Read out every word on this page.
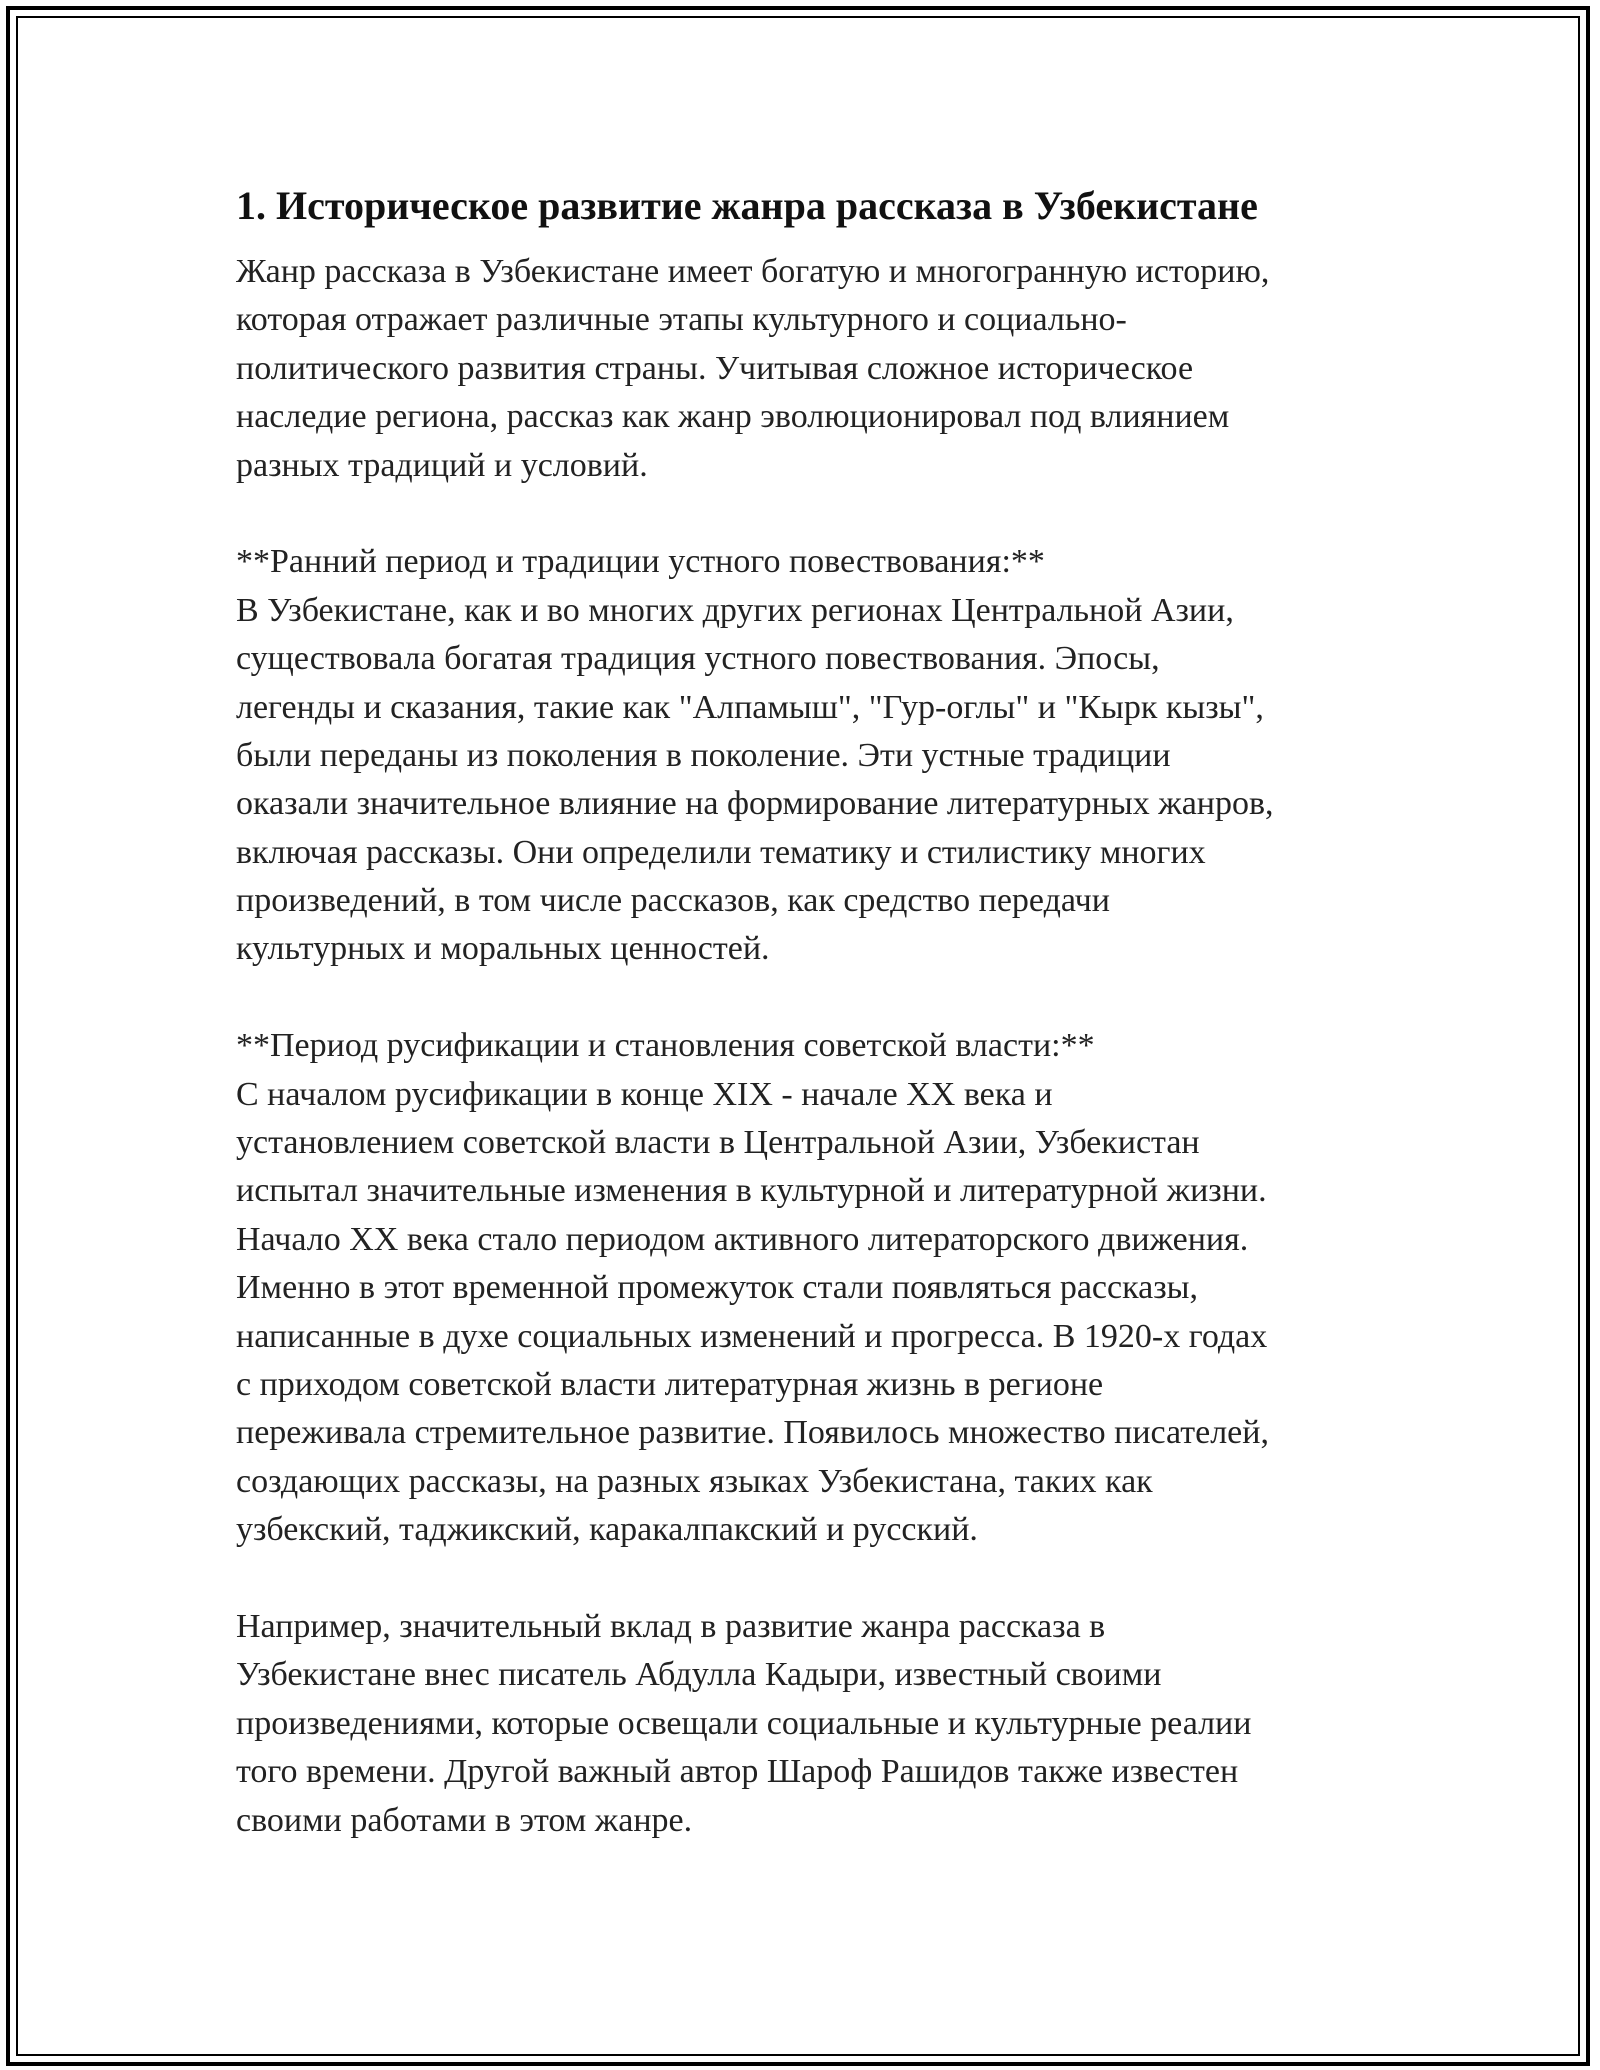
1. Историческое развитие жанра рассказа в Узбекистане

Жанр рассказа в Узбекистане имеет богатую и многогранную историю,
которая отражает различные этапы культурного и социально-
политического развития страны. Учитывая сложное историческое
наследие региона, рассказ как жанр эволюционировал под влиянием
разных традиций и условий.

**Ранний период и традиции устного повествования:**
В Узбекистане, как и во многих других регионах Центральной Азии,
существовала богатая традиция устного повествования. Эпосы,
легенды и сказания, такие как "Алпамыш", "Гур-оглы" и "Кырк кызы",
были переданы из поколения в поколение. Эти устные традиции
оказали значительное влияние на формирование литературных жанров,
включая рассказы. Они определили тематику и стилистику многих
произведений, в том числе рассказов, как средство передачи
культурных и моральных ценностей.

**Период русификации и становления советской власти:**
С началом русификации в конце XIX - начале XX века и
установлением советской власти в Центральной Азии, Узбекистан
испытал значительные изменения в культурной и литературной жизни.
Начало XX века стало периодом активного литераторского движения.
Именно в этот временной промежуток стали появляться рассказы,
написанные в духе социальных изменений и прогресса. В 1920-х годах
с приходом советской власти литературная жизнь в регионе
переживала стремительное развитие. Появилось множество писателей,
создающих рассказы, на разных языках Узбекистана, таких как
узбекский, таджикский, каракалпакский и русский.

Например, значительный вклад в развитие жанра рассказа в
Узбекистане внес писатель Абдулла Кадыри, известный своими
произведениями, которые освещали социальные и культурные реалии
того времени. Другой важный автор Шароф Рашидов также известен
своими работами в этом жанре.
